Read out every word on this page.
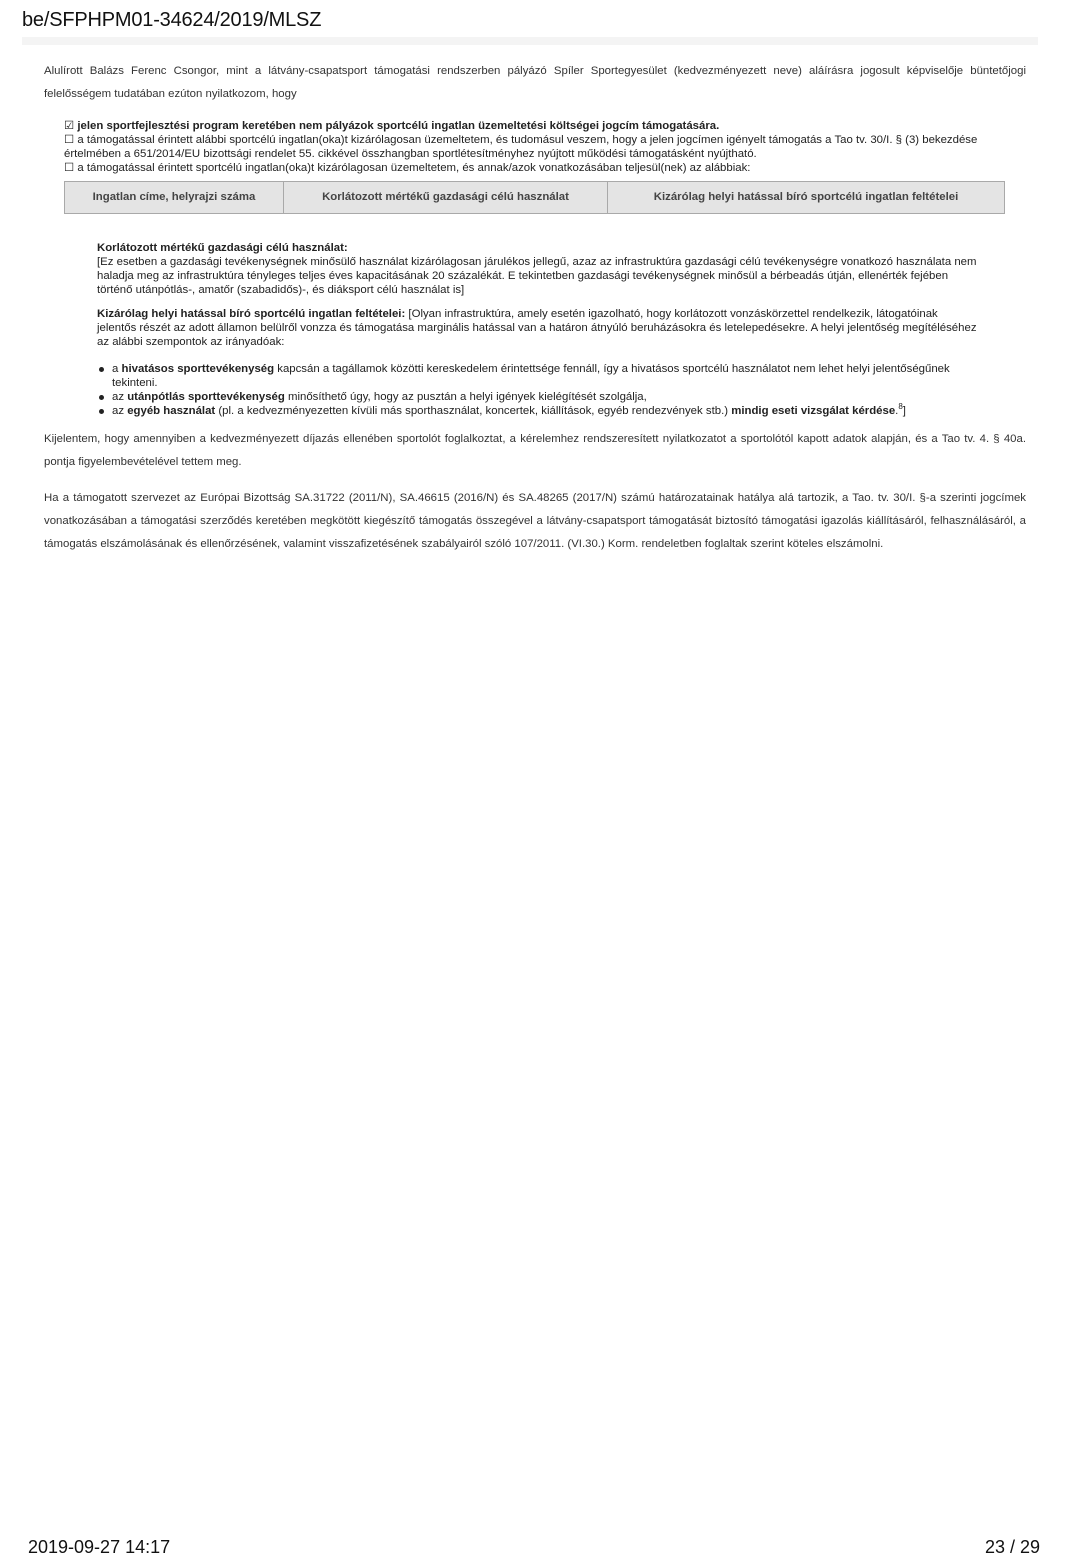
be/SFPHPM01-34624/2019/MLSZ

Alulírott Balázs Ferenc Csongor, mint a látvány-csapatsport támogatási rendszerben pályázó Spíler Sportegyesület (kedvezményezett neve) aláírásra jogosult képviselője büntetőjogi felelősségem tudatában ezúton nyilatkozom, hogy

☑ jelen sportfejlesztési program keretében nem pályázok sportcélú ingatlan üzemeltetési költségei jogcím támogatására.

☐ a támogatással érintett alábbi sportcélú ingatlan(oka)t kizárólagosan üzemeltetem, és tudomásul veszem, hogy a jelen jogcímen igényelt támogatás a Tao tv. 30/I. § (3) bekezdése értelmében a 651/2014/EU bizottsági rendelet 55. cikkével összhangban sportlétesítményhez nyújtott működési támogatásként nyújtható.

☐ a támogatással érintett sportcélú ingatlan(oka)t kizárólagosan üzemeltetem, és annak/azok vonatkozásában teljesül(nek) az alábbiak:

Ingatlan címe, helyrajzi száma	Korlátozott mértékű gazdasági célú használat	Kizárólag helyi hatással bíró sportcélú ingatlan feltételei

Korlátozott mértékű gazdasági célú használat:

[Ez esetben a gazdasági tevékenységnek minősülő használat kizárólagosan járulékos jellegű, azaz az infrastruktúra gazdasági célú tevékenységre vonatkozó használata nem haladja meg az infrastruktúra tényleges teljes éves kapacitásának 20 százalékát. E tekintetben gazdasági tevékenységnek minősül a bérbeadás útján, ellenérték fejében történő utánpótlás-, amatőr (szabadidős)-, és diáksport célú használat is]

Kizárólag helyi hatással bíró sportcélú ingatlan feltételei: [Olyan infrastruktúra, amely esetén igazolható, hogy korlátozott vonzáskörzettel rendelkezik, látogatóinak jelentős részét az adott államon belülről vonzza és támogatása marginális hatással van a határon átnyúló beruházásokra és letelepedésekre. A helyi jelentőség megítéléséhez az alábbi szempontok az irányadóak:

a hivatásos sporttevékenység kapcsán a tagállamok közötti kereskedelem érintettsége fennáll, így a hivatásos sportcélú használatot nem lehet helyi jelentőségűnek tekinteni.
az utánpótlás sporttevékenység minősíthető úgy, hogy az pusztán a helyi igények kielégítését szolgálja,
az egyéb használat (pl. a kedvezményezetten kívüli más sporthasználat, koncertek, kiállítások, egyéb rendezvények stb.) mindig eseti vizsgálat kérdése.$^8$]

Kijelentem, hogy amennyiben a kedvezményezett díjazás ellenében sportolót foglalkoztat, a kérelemhez rendszeresített nyilatkozatot a sportolótól kapott adatok alapján, és a Tao tv. 4. § 40a. pontja figyelembevételével tettem meg.

Ha a támogatott szervezet az Európai Bizottság SA.31722 (2011/N), SA.46615 (2016/N) és SA.48265 (2017/N) számú határozatainak hatálya alá tartozik, a Tao. tv. 30/I. §-a szerinti jogcímek vonatkozásában a támogatási szerződés keretében megkötött kiegészítő támogatás összegével a látvány-csapatsport támogatását biztosító támogatási igazolás kiállításáról, felhasználásáról, a támogatás elszámolásának és ellenőrzésének, valamint visszafizetésének szabályairól szóló 107/2011. (VI.30.) Korm. rendeletben foglaltak szerint köteles elszámolni.

2019-09-27 14:17	23 / 29
